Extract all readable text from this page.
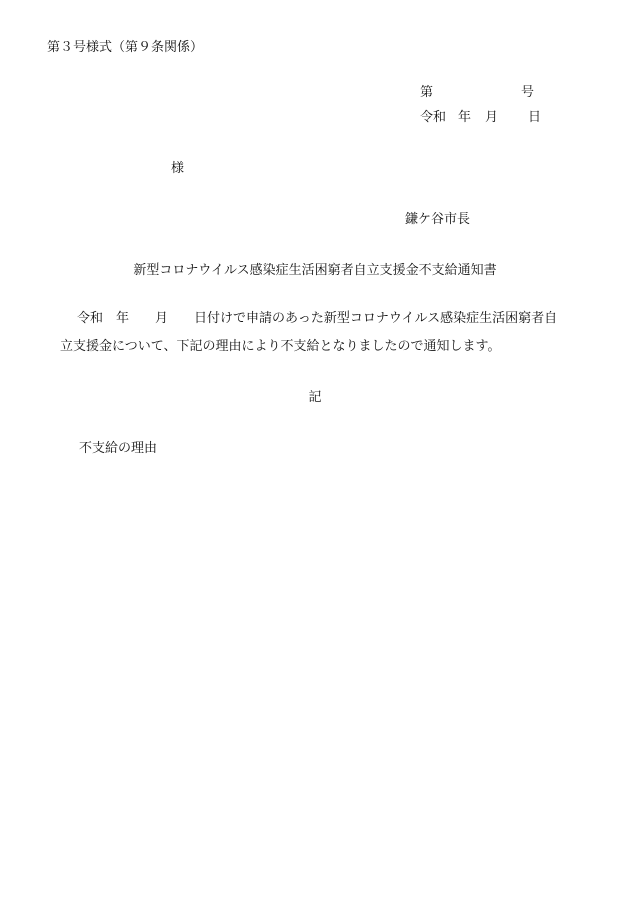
第３号様式（第９条関係）
第	号
令和 年 月 日
様
鎌ケ谷市長
新型コロナウイルス感染症生活困窮者自立支援金不支給通知書
令和　年　　月　　日付けで申請のあった新型コロナウイルス感染症生活困窮者自
立支援金について、下記の理由により不支給となりましたので通知します。
記
不支給の理由
